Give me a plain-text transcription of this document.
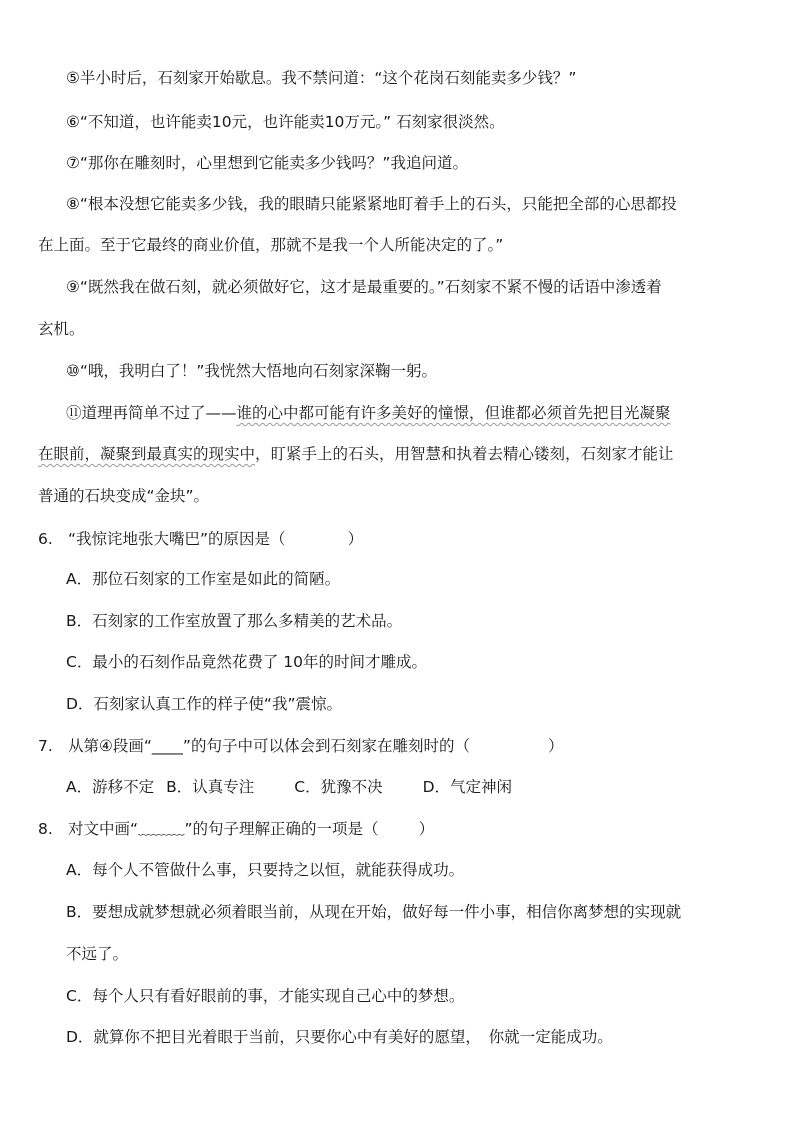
⑤半小时后，石刻家开始歇息。我不禁问道：“这个花岗石刻能卖多少钱？”
⑥“不知道，也许能卖10元，也许能卖10万元。” 石刻家很淡然。
⑦“那你在雕刻时，心里想到它能卖多少钱吗？”我追问道。
⑧“根本没想它能卖多少钱，我的眼睛只能紧紧地盯着手上的石头，只能把全部的心思都投
在上面。至于它最终的商业价值，那就不是我一个人所能决定的了。”
⑨“既然我在做石刻，就必须做好它，这才是最重要的。”石刻家不紧不慢的话语中渗透着
玄机。
⑩“哦，我明白了！”我恍然大悟地向石刻家深鞠一躬。
⑪道理再简单不过了——谁的心中都可能有许多美好的憧憬，但谁都必须首先把目光凝聚
在眼前，凝聚到最真实的现实中，盯紧手上的石头，用智慧和执着去精心镂刻，石刻家才能让
普通的石块变成“金块”。
6. “我惊诧地张大嘴巴”的原因是（	）
A．那位石刻家的工作室是如此的简陋。
B．石刻家的工作室放置了那么多精美的艺术品。
C．最小的石刻作品竟然花费了 10年的时间才雕成。
D．石刻家认真工作的样子使“我”震惊。
7. 从第④段画“____”的句子中可以体会到石刻家在雕刻时的（	）
A．游移不定 B．认真专注	C．犹豫不决	D．气定神闲
8. 对文中画“﹏﹏﹏”的句子理解正确的一项是（	）
A．每个人不管做什么事，只要持之以恒，就能获得成功。
B．要想成就梦想就必须着眼当前，从现在开始，做好每一件小事，相信你离梦想的实现就
不远了。
C．每个人只有看好眼前的事，才能实现自己心中的梦想。
D．就算你不把目光着眼于当前，只要你心中有美好的愿望，　你就一定能成功。
